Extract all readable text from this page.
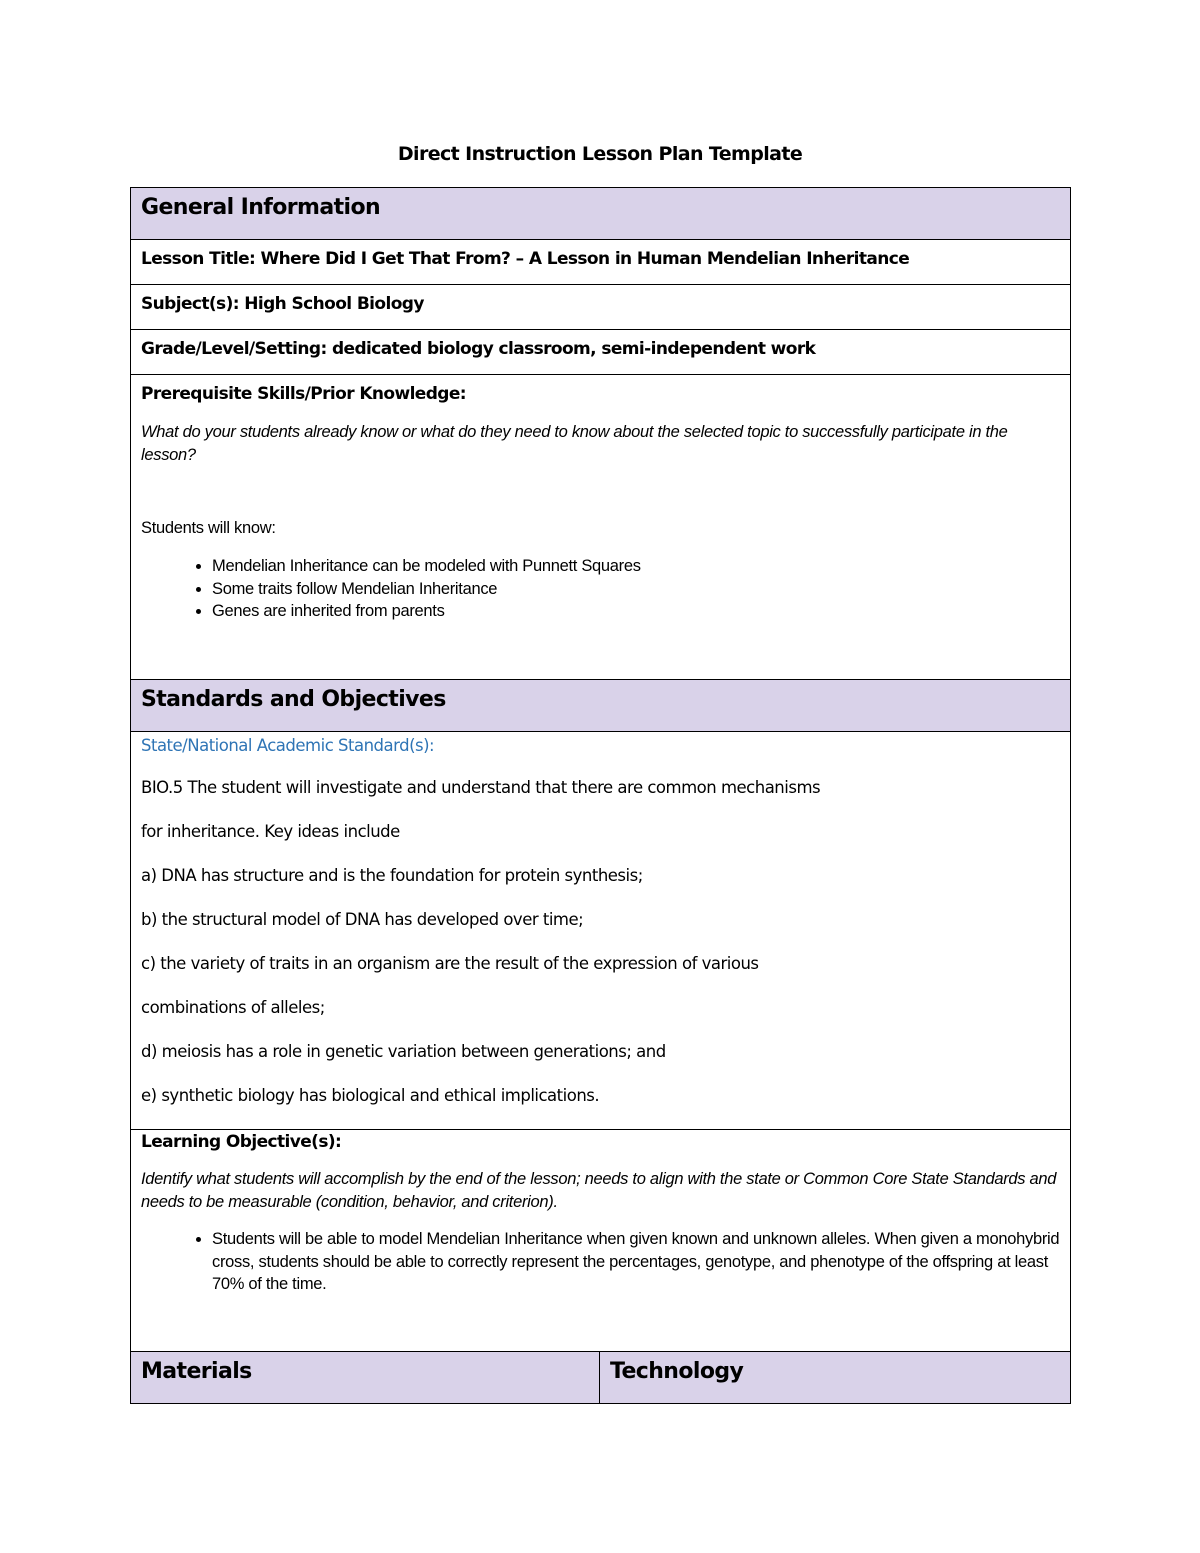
Direct Instruction Lesson Plan Template
General Information

Lesson Title: Where Did I Get That From? – A Lesson in Human Mendelian Inheritance

Subject(s): High School Biology

Grade/Level/Setting: dedicated biology classroom, semi-independent work

Prerequisite Skills/Prior Knowledge:
What do your students already know or what do they need to know about the selected topic to successfully participate in the lesson?
Students will know:
• Mendelian Inheritance can be modeled with Punnett Squares
• Some traits follow Mendelian Inheritance
• Genes are inherited from parents

Standards and Objectives

State/National Academic Standard(s):
BIO.5 The student will investigate and understand that there are common mechanisms
for inheritance. Key ideas include
a) DNA has structure and is the foundation for protein synthesis;
b) the structural model of DNA has developed over time;
c) the variety of traits in an organism are the result of the expression of various
combinations of alleles;
d) meiosis has a role in genetic variation between generations; and
e) synthetic biology has biological and ethical implications.

Learning Objective(s):
Identify what students will accomplish by the end of the lesson; needs to align with the state or Common Core State Standards and needs to be measurable (condition, behavior, and criterion).
• Students will be able to model Mendelian Inheritance when given known and unknown alleles. When given a monohybrid cross, students should be able to correctly represent the percentages, genotype, and phenotype of the offspring at least 70% of the time.

Materials	Technology
